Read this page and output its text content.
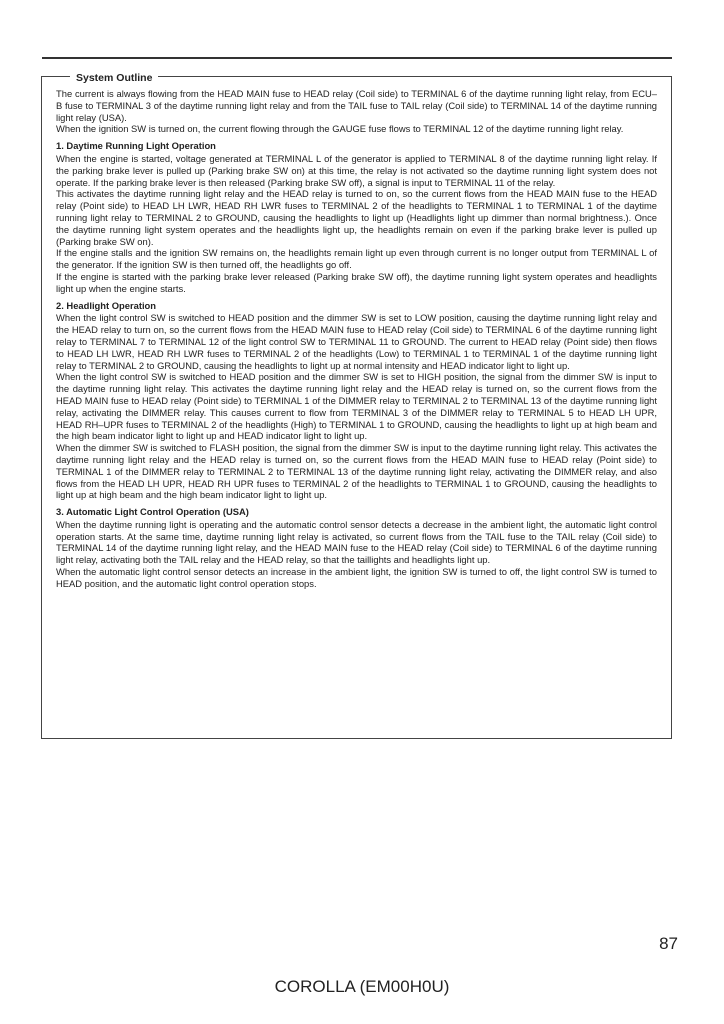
System Outline

The current is always flowing from the HEAD MAIN fuse to HEAD relay (Coil side) to TERMINAL 6 of the daytime running light relay, from ECU–B fuse to TERMINAL 3 of the daytime running light relay and from the TAIL fuse to TAIL relay (Coil side) to TERMINAL 14 of the daytime running light relay (USA).

When the ignition SW is turned on, the current flowing through the GAUGE fuse flows to TERMINAL 12 of the daytime running light relay.

1. Daytime Running Light Operation

When the engine is started, voltage generated at TERMINAL L of the generator is applied to TERMINAL 8 of the daytime running light relay. If the parking brake lever is pulled up (Parking brake SW on) at this time, the relay is not activated so the daytime running light system does not operate. If the parking brake lever is then released (Parking brake SW off), a signal is input to TERMINAL 11 of the relay.

This activates the daytime running light relay and the HEAD relay is turned to on, so the current flows from the HEAD MAIN fuse to the HEAD relay (Point side) to HEAD LH LWR, HEAD RH LWR fuses to TERMINAL 2 of the headlights to TERMINAL 1 to TERMINAL 1 of the daytime running light relay to TERMINAL 2 to GROUND, causing the headlights to light up (Headlights light up dimmer than normal brightness.). Once the daytime running light system operates and the headlights light up, the headlights remain on even if the parking brake lever is pulled up (Parking brake SW on).

If the engine stalls and the ignition SW remains on, the headlights remain light up even through current is no longer output from TERMINAL L of the generator. If the ignition SW is then turned off, the headlights go off.

If the engine is started with the parking brake lever released (Parking brake SW off), the daytime running light system operates and headlights light up when the engine starts.

2. Headlight Operation

When the light control SW is switched to HEAD position and the dimmer SW is set to LOW position, causing the daytime running light relay and the HEAD relay to turn on, so the current flows from the HEAD MAIN fuse to HEAD relay (Coil side) to TERMINAL 6 of the daytime running light relay to TERMINAL 7 to TERMINAL 12 of the light control SW to TERMINAL 11 to GROUND. The current to HEAD relay (Point side) then flows to HEAD LH LWR, HEAD RH LWR fuses to TERMINAL 2 of the headlights (Low) to TERMINAL 1 to TERMINAL 1 of the daytime running light relay to TERMINAL 2 to GROUND, causing the headlights to light up at normal intensity and HEAD indicator light to light up.

When the light control SW is switched to HEAD position and the dimmer SW is set to HIGH position, the signal from the dimmer SW is input to the daytime running light relay. This activates the daytime running light relay and the HEAD relay is turned on, so the current flows from the HEAD MAIN fuse to HEAD relay (Point side) to TERMINAL 1 of the DIMMER relay to TERMINAL 2 to TERMINAL 13 of the daytime running light relay, activating the DIMMER relay. This causes current to flow from TERMINAL 3 of the DIMMER relay to TERMINAL 5 to HEAD LH UPR, HEAD RH–UPR fuses to TERMINAL 2 of the headlights (High) to TERMINAL 1 to GROUND, causing the headlights to light up at high beam and the high beam indicator light to light up and HEAD indicator light to light up.

When the dimmer SW is switched to FLASH position, the signal from the dimmer SW is input to the daytime running light relay. This activates the daytime running light relay and the HEAD relay is turned on, so the current flows from the HEAD MAIN fuse to HEAD relay (Point side) to TERMINAL 1 of the DIMMER relay to TERMINAL 2 to TERMINAL 13 of the daytime running light relay, activating the DIMMER relay, and also flows from the HEAD LH UPR, HEAD RH UPR fuses to TERMINAL 2 of the headlights to TERMINAL 1 to GROUND, causing the headlights to light up at high beam and the high beam indicator light to light up.

3. Automatic Light Control Operation (USA)

When the daytime running light is operating and the automatic control sensor detects a decrease in the ambient light, the automatic light control operation starts. At the same time, daytime running light relay is activated, so current flows from the TAIL fuse to the TAIL relay (Coil side) to TERMINAL 14 of the daytime running light relay, and the HEAD MAIN fuse to the HEAD relay (Coil side) to TERMINAL 6 of the daytime running light relay, activating both the TAIL relay and the HEAD relay, so that the taillights and headlights light up.

When the automatic light control sensor detects an increase in the ambient light, the ignition SW is turned to off, the light control SW is turned to HEAD position, and the automatic light control operation stops.

87
COROLLA (EM00H0U)
